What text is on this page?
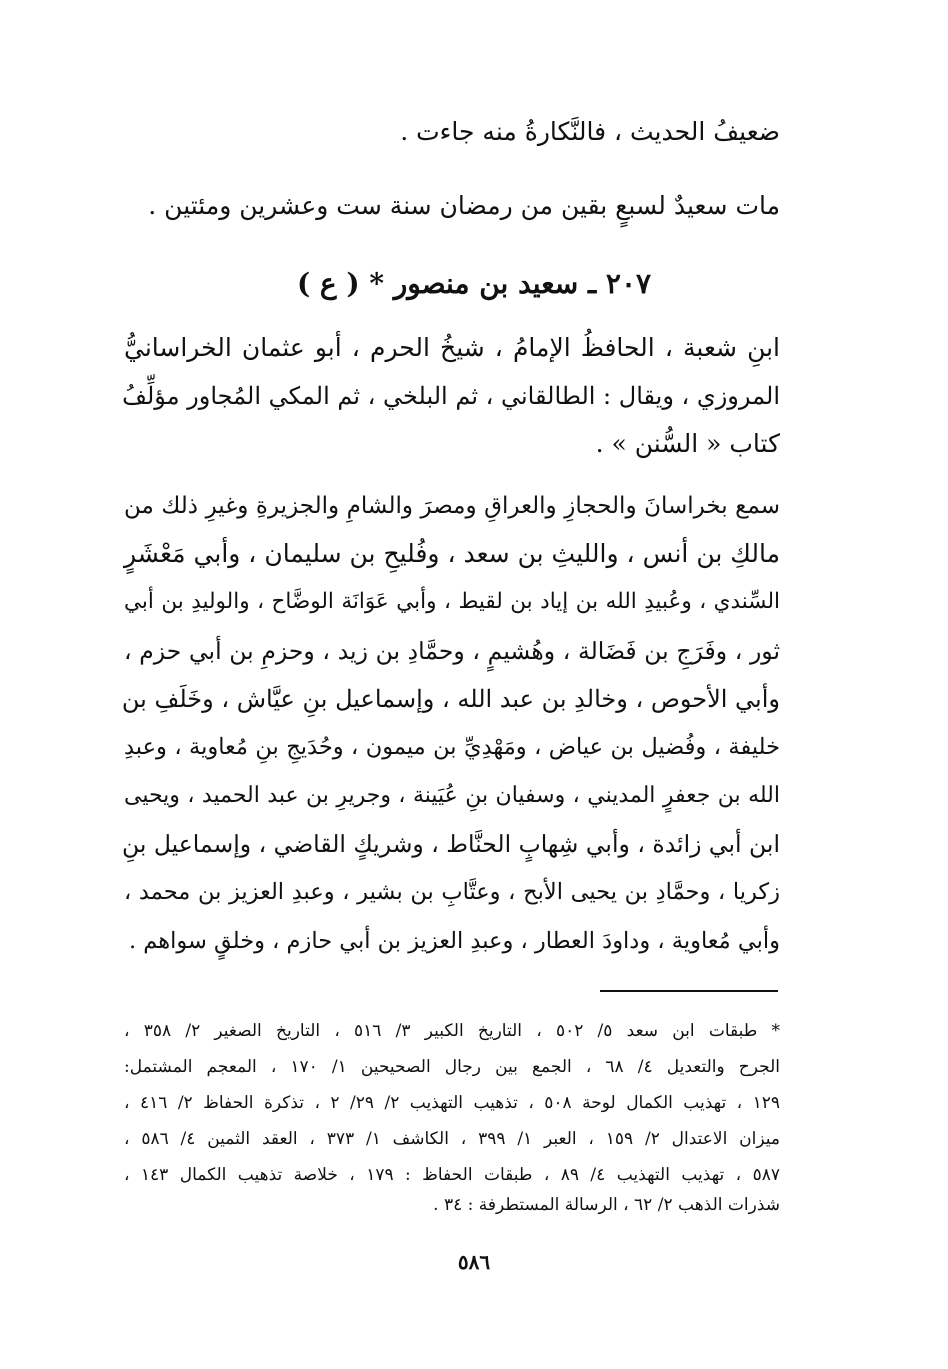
ضعيفُ الحديث ، فالنَّكارةُ منه جاءت .
مات سعيدٌ لسبعٍ بقين من رمضان سنة ست وعشرين ومئتين .
٢٠٧ ـ سعيد بن منصور * ( ع )
ابنِ شعبة ، الحافظُ الإمامُ ، شيخُ الحرم ، أبو عثمان الخراسانيُّ
المروزي ، ويقال : الطالقاني ، ثم البلخي ، ثم المكي المُجاور مؤلِّفُ
كتاب « السُّنن » .
سمع بخراسانَ والحجازِ والعراقِ ومصرَ والشامِ والجزيرةِ وغيرِ ذلك من
مالكِ بن أنس ، والليثِ بن سعد ، وفُليحِ بن سليمان ، وأبي مَعْشَرٍ
السِّندي ، وعُبيدِ الله بن إياد بن لقيط ، وأبي عَوَانَة الوضَّاح ، والوليدِ بن أبي
ثور ، وفَرَجِ بن فَضَالة ، وهُشيمٍ ، وحمَّادِ بن زيد ، وحزمِ بن أبي حزم ،
وأبي الأحوص ، وخالدِ بن عبد الله ، وإسماعيل بنِ عيَّاش ، وخَلَفِ بن
خليفة ، وفُضيل بن عياض ، ومَهْدِيِّ بن ميمون ، وحُدَيجِ بنِ مُعاوية ، وعبدِ
الله بن جعفرٍ المديني ، وسفيان بنِ عُيَينة ، وجريرِ بن عبد الحميد ، ويحيى
ابن أبي زائدة ، وأبي شِهابٍ الحنَّاط ، وشريكٍ القاضي ، وإسماعيل بنِ
زكريا ، وحمَّادِ بن يحيى الأبح ، وعتَّابِ بن بشير ، وعبدِ العزيز بن محمد ،
وأبي مُعاوية ، وداودَ العطار ، وعبدِ العزيز بن أبي حازم ، وخلقٍ سواهم .
* طبقات ابن سعد ٥/ ٥٠٢ ، التاريخ الكبير ٣/ ٥١٦ ، التاريخ الصغير ٢/ ٣٥٨ ،
الجرح والتعديل ٤/ ٦٨ ، الجمع بين رجال الصحيحين ١/ ١٧٠ ، المعجم المشتمل:
١٢٩ ، تهذيب الكمال لوحة ٥٠٨ ، تذهيب التهذيب ٢/ ٢٩/ ٢ ، تذكرة الحفاظ ٢/ ٤١٦ ،
ميزان الاعتدال ٢/ ١٥٩ ، العبر ١/ ٣٩٩ ، الكاشف ١/ ٣٧٣ ، العقد الثمين ٤/ ٥٨٦ ،
٥٨٧ ، تهذيب التهذيب ٤/ ٨٩ ، طبقات الحفاظ : ١٧٩ ، خلاصة تذهيب الكمال ١٤٣ ،
شذرات الذهب ٢/ ٦٢ ، الرسالة المستطرفة : ٣٤ .
٥٨٦
